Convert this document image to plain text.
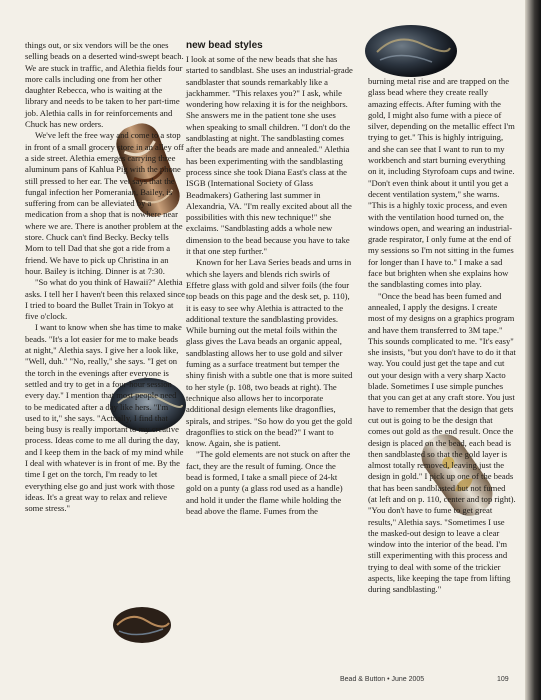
things out, or six vendors will be the ones selling beads on a deserted wind-swept beach. We are stuck in traffic, and Alethia fields four more calls including one from her other daughter Rebecca, who is waiting at the library and needs to be taken to her part-time job. Alethia calls in for reinforcements and Chuck has new orders.

We've left the free way and come to a stop in front of a small grocery store in an alley off a side street. Alethia emerges carrying three aluminum pans of Kahlua Pig with the phone still pressed to her ear. The vet says that the fungal infection her Pomeranian, Bailey, is suffering from can be alleviated by a medication from a shop that is nowhere near where we are. There is another problem at the store. Chuck can't find Becky. Becky tells Mom to tell Dad that she got a ride from a friend. We have to pick up Christina in an hour. Bailey is itching. Dinner is at 7:30.

"So what do you think of Hawaii?" Alethia asks. I tell her I haven't been this relaxed since I tried to board the Bullet Train in Tokyo at five o'clock.

I want to know when she has time to make beads. "It's a lot easier for me to make beads at night," Alethia says. I give her a look like, "Well, duh." "No, really," she says. "I get on the torch in the evenings after everyone is settled and try to get in a four-hour session every day." I mention that most people need to be medicated after a day like hers. "I'm used to it," she says. "Actually, I find that being busy is really important to my creative process. Ideas come to me all during the day, and I keep them in the back of my mind while I deal with whatever is in front of me. By the time I get on the torch, I'm ready to let everything else go and just work with those ideas. It's a great way to relax and relieve some stress."

new bead styles

I look at some of the new beads that she has started to sandblast. She uses an industrial-grade sandblaster that sounds remarkably like a jackhammer. "This relaxes you?" I ask, while wondering how relaxing it is for the neighbors. She answers me in the patient tone she uses when speaking to small children. "I don't do the sandblasting at night. The sandblasting comes after the beads are made and annealed." Alethia has been experimenting with the sandblasting process since she took Diana East's class at the ISGB (International Society of Glass Beadmakers) Gathering last summer in Alexandria, VA. "I'm really excited about all the possibilities with this new technique!" she exclaims. "Sandblasting adds a whole new dimension to the bead because you have to take it that one step further."

Known for her Lava Series beads and urns in which she layers and blends rich swirls of Effetre glass with gold and silver foils (the four top beads on this page and the desk set, p. 110), it is easy to see why Alethia is attracted to the additional texture the sandblasting provides. While burning out the metal foils within the glass gives the Lava beads an organic appeal, sandblasting allows her to use gold and silver fuming as a surface treatment but temper the shiny finish with a subtle one that is more suited to her style (p. 108, two beads at right). The technique also allows her to incorporate additional design elements like dragonflies, spirals, and stripes. "So how do you get the gold dragonflies to stick on the bead?" I want to know. Again, she is patient.

"The gold elements are not stuck on after the fact, they are the result of fuming. Once the bead is formed, I take a small piece of 24-kt gold on a punty (a glass rod used as a handle) and hold it under the flame while holding the bead above the flame. Fumes from the

burning metal rise and are trapped on the glass bead where they create really amazing effects. After fuming with the gold, I might also fume with a piece of silver, depending on the metallic effect I'm trying to get." This is highly intriguing, and she can see that I want to run to my workbench and start burning everything on it, including Styrofoam cups and twine. "Don't even think about it until you get a decent ventilation system," she warns. "This is a highly toxic process, and even with the ventilation hood turned on, the windows open, and wearing an industrial-grade respirator, I only fume at the end of my sessions so I'm not sitting in the fumes for longer than I have to." I make a sad face but brighten when she explains how the sandblasting comes into play.

"Once the bead has been fumed and annealed, I apply the designs. I create most of my designs on a graphics program and have them transferred to 3M tape." This sounds complicated to me. "It's easy" she insists, "but you don't have to do it that way. You could just get the tape and cut out your design with a very sharp Xacto blade. Sometimes I use simple punches that you can get at any craft store. You just have to remember that the design that gets cut out is going to be the design that comes out gold as the end result. Once the design is placed on the bead, each bead is then sandblasted so that the gold layer is almost totally removed, leaving just the design in gold." I pick up one of the beads that has been sandblasted but not fumed (at left and on p. 110, center and top right). "You don't have to fume to get great results," Alethia says. "Sometimes I use the masked-out design to leave a clear window into the interior of the bead. I'm still experimenting with this process and trying to deal with some of the trickier aspects, like keeping the tape from lifting during sandblasting."

Bead & Button • June 2005	109
